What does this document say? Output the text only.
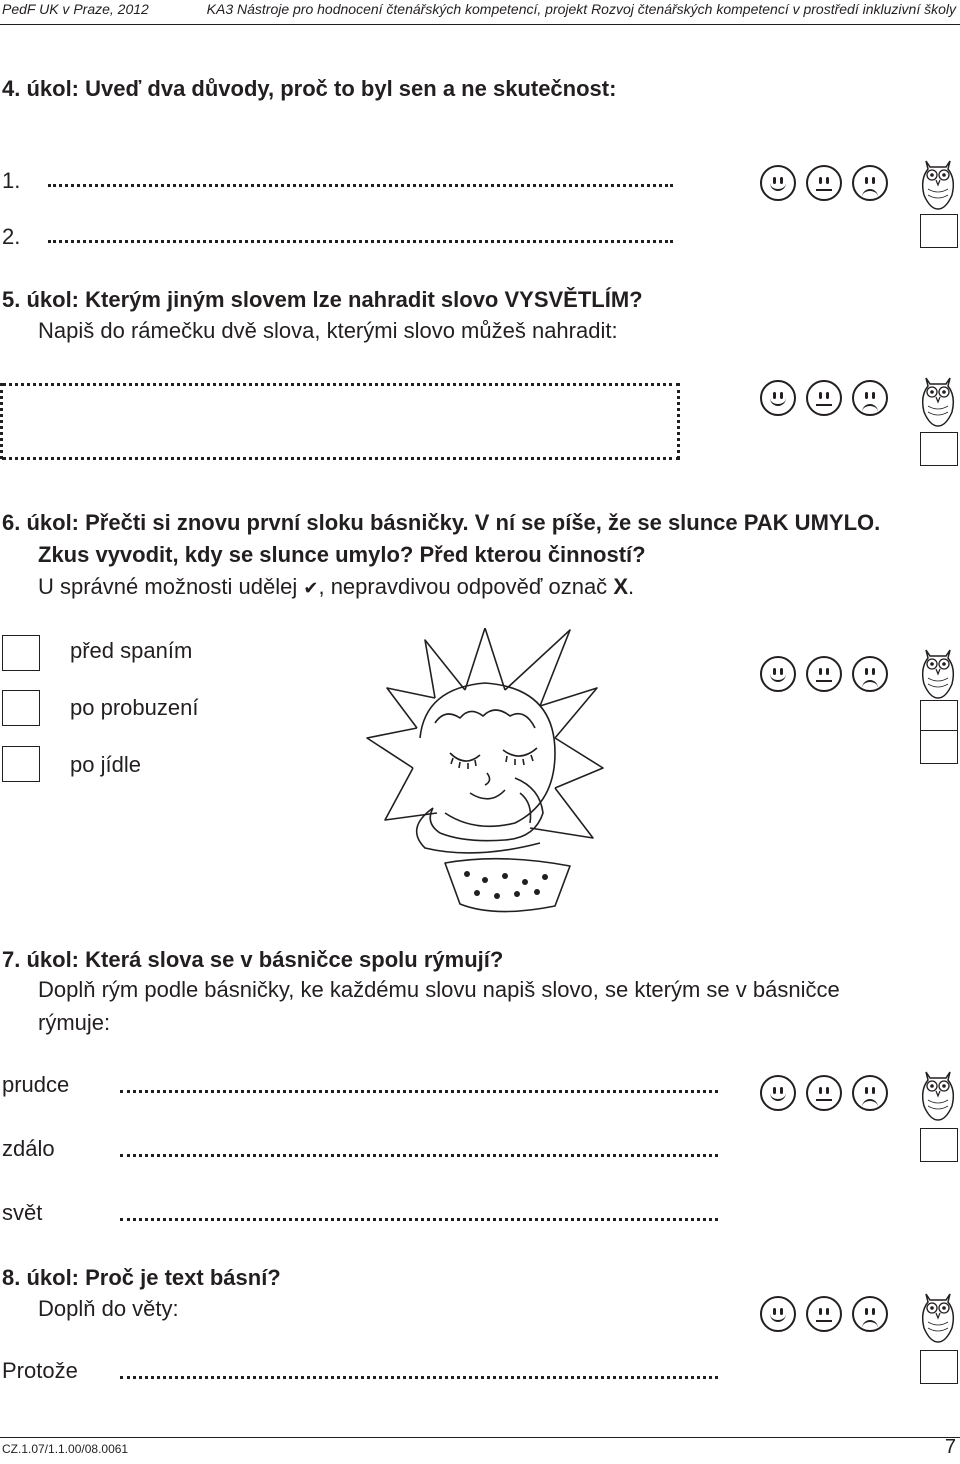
PedF UK v Praze, 2012	KA3 Nástroje pro hodnocení čtenářských kompetencí, projekt Rozvoj čtenářských kompetencí v prostředí inkluzivní školy
4. úkol: Uveď dva důvody, proč to byl sen a ne skutečnost:
1.
2.
5. úkol: Kterým jiným slovem lze nahradit slovo VYSVĚTLÍM?
Napiš do rámečku dvě slova, kterými slovo můžeš nahradit:
6. úkol: Přečti si znovu první sloku básničky. V ní se píše, že se slunce PAK UMYLO.
Zkus vyvodit, kdy se slunce umylo? Před kterou činností?
U správné možnosti udělej ✔, nepravdivou odpověď označ X.
před spaním
po probuzení
po jídle
7. úkol: Která slova se v básničce spolu rýmují?
Doplň rým podle básničky, ke každému slovu napiš slovo, se kterým se v básničce
rýmuje:
prudce
zdálo
svět
8. úkol: Proč je text básní?
Doplň do věty:
Protože
CZ.1.07/1.1.00/08.0061	7
